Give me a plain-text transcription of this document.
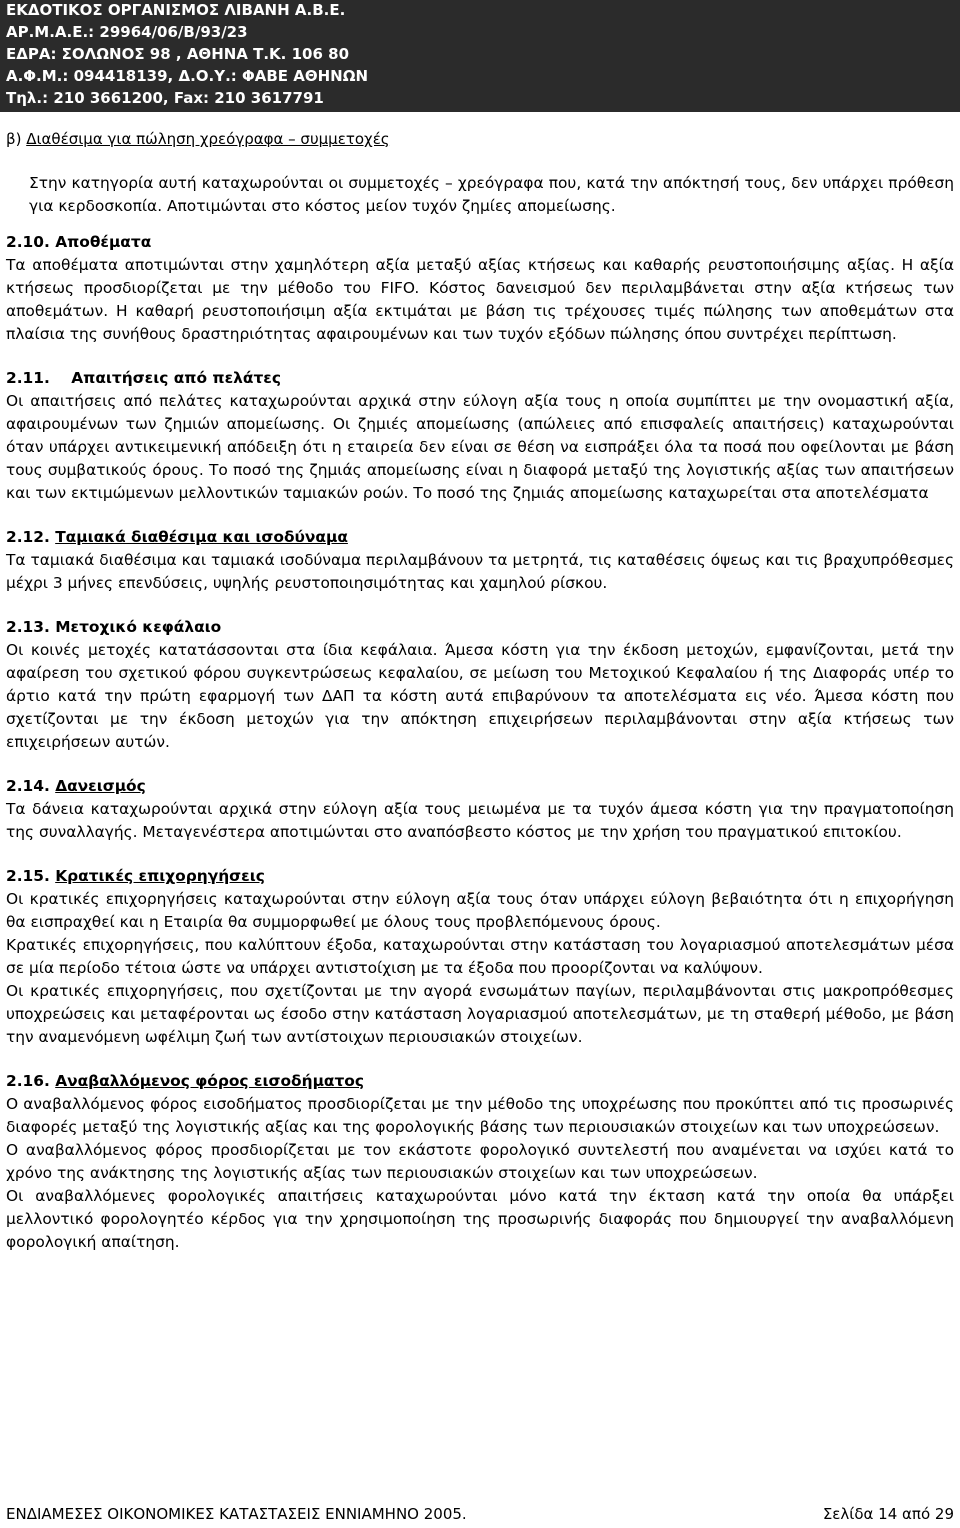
ΕΚΔΟΤΙΚΟΣ ΟΡΓΑΝΙΣΜΟΣ ΛΙΒΑΝΗ Α.Β.Ε.

ΑΡ.Μ.Α.Ε.: 29964/06/Β/93/23

ΕΔΡΑ: ΣΟΛΩΝΟΣ 98 , ΑΘΗΝΑ Τ.Κ. 106 80

Α.Φ.Μ.: 094418139, Δ.Ο.Υ.: ΦΑΒΕ ΑΘΗΝΩΝ

Τηλ.: 210 3661200, Fax: 210 3617791

β) Διαθέσιμα για πώληση χρεόγραφα – συμμετοχές

Στην κατηγορία αυτή καταχωρούνται οι συμμετοχές – χρεόγραφα που, κατά την απόκτησή τους, δεν υπάρχει πρόθεση για κερδοσκοπία. Αποτιμώνται στο κόστος μείον τυχόν ζημίες απομείωσης.

2.10. Αποθέματα

Τα αποθέματα αποτιμώνται στην χαμηλότερη αξία μεταξύ αξίας κτήσεως και καθαρής ρευστοποιήσιμης αξίας. Η αξία κτήσεως προσδιορίζεται με την μέθοδο του FIFO. Κόστος δανεισμού δεν περιλαμβάνεται στην αξία κτήσεως των αποθεμάτων. Η καθαρή ρευστοποιήσιμη αξία εκτιμάται με βάση τις τρέχουσες τιμές πώλησης των αποθεμάτων στα πλαίσια της συνήθους δραστηριότητας αφαιρουμένων και των τυχόν εξόδων πώλησης όπου συντρέχει περίπτωση.

2.11. Απαιτήσεις από πελάτες

Οι απαιτήσεις από πελάτες καταχωρούνται αρχικά στην εύλογη αξία τους η οποία συμπίπτει με την ονομαστική αξία, αφαιρουμένων των ζημιών απομείωσης. Οι ζημιές απομείωσης (απώλειες από επισφαλείς απαιτήσεις) καταχωρούνται όταν υπάρχει αντικειμενική απόδειξη ότι η εταιρεία δεν είναι σε θέση να εισπράξει όλα τα ποσά που οφείλονται με βάση τους συμβατικούς όρους. Το ποσό της ζημιάς απομείωσης είναι η διαφορά μεταξύ της λογιστικής αξίας των απαιτήσεων και των εκτιμώμενων μελλοντικών ταμιακών ροών. Το ποσό της ζημιάς απομείωσης καταχωρείται στα αποτελέσματα

2.12. Ταμιακά διαθέσιμα και ισοδύναμα

Τα ταμιακά διαθέσιμα και ταμιακά ισοδύναμα περιλαμβάνουν τα μετρητά, τις καταθέσεις όψεως και τις βραχυπρόθεσμες μέχρι 3 μήνες επενδύσεις, υψηλής ρευστοποιησιμότητας και χαμηλού ρίσκου.

2.13. Μετοχικό κεφάλαιο

Οι κοινές μετοχές κατατάσσονται στα ίδια κεφάλαια. Άμεσα κόστη για την έκδοση μετοχών, εμφανίζονται, μετά την αφαίρεση του σχετικού φόρου συγκεντρώσεως κεφαλαίου, σε μείωση του Μετοχικού Κεφαλαίου ή της Διαφοράς υπέρ το άρτιο κατά την πρώτη εφαρμογή των ΔΑΠ τα κόστη αυτά επιβαρύνουν τα αποτελέσματα εις νέο. Άμεσα κόστη που σχετίζονται με την έκδοση μετοχών για την απόκτηση επιχειρήσεων περιλαμβάνονται στην αξία κτήσεως των επιχειρήσεων αυτών.

2.14. Δανεισμός

Τα δάνεια καταχωρούνται αρχικά στην εύλογη αξία τους μειωμένα με τα τυχόν άμεσα κόστη για την πραγματοποίηση της συναλλαγής. Μεταγενέστερα αποτιμώνται στο αναπόσβεστο κόστος με την χρήση του πραγματικού επιτοκίου.

2.15. Κρατικές επιχορηγήσεις

Οι κρατικές επιχορηγήσεις καταχωρούνται στην εύλογη αξία τους όταν υπάρχει εύλογη βεβαιότητα ότι η επιχορήγηση θα εισπραχθεί και η Εταιρία θα συμμορφωθεί με όλους τους προβλεπόμενους όρους.

Κρατικές επιχορηγήσεις, που καλύπτουν έξοδα, καταχωρούνται στην κατάσταση του λογαριασμού αποτελεσμάτων μέσα σε μία περίοδο τέτοια ώστε να υπάρχει αντιστοίχιση με τα έξοδα που προορίζονται να καλύψουν.

Οι κρατικές επιχορηγήσεις, που σχετίζονται με την αγορά ενσωμάτων παγίων, περιλαμβάνονται στις μακροπρόθεσμες υποχρεώσεις και μεταφέρονται ως έσοδο στην κατάσταση λογαριασμού αποτελεσμάτων, με τη σταθερή μέθοδο, με βάση την αναμενόμενη ωφέλιμη ζωή των αντίστοιχων περιουσιακών στοιχείων.

2.16. Αναβαλλόμενος φόρος εισοδήματος

Ο αναβαλλόμενος φόρος εισοδήματος προσδιορίζεται με την μέθοδο της υποχρέωσης που προκύπτει από τις προσωρινές διαφορές μεταξύ της λογιστικής αξίας και της φορολογικής βάσης των περιουσιακών στοιχείων και των υποχρεώσεων.

Ο αναβαλλόμενος φόρος προσδιορίζεται με τον εκάστοτε φορολογικό συντελεστή που αναμένεται να ισχύει κατά το χρόνο της ανάκτησης της λογιστικής αξίας των περιουσιακών στοιχείων και των υποχρεώσεων.

Οι αναβαλλόμενες φορολογικές απαιτήσεις καταχωρούνται μόνο κατά την έκταση κατά την οποία θα υπάρξει μελλοντικό φορολογητέο κέρδος για την χρησιμοποίηση της προσωρινής διαφοράς που δημιουργεί την αναβαλλόμενη φορολογική απαίτηση.

ΕΝΔΙΑΜΕΣΕΣ ΟΙΚΟΝΟΜΙΚΕΣ ΚΑΤΑΣΤΑΣΕΙΣ ΕΝΝΙΑΜΗΝΟ 2005.	Σελίδα 14 από 29
